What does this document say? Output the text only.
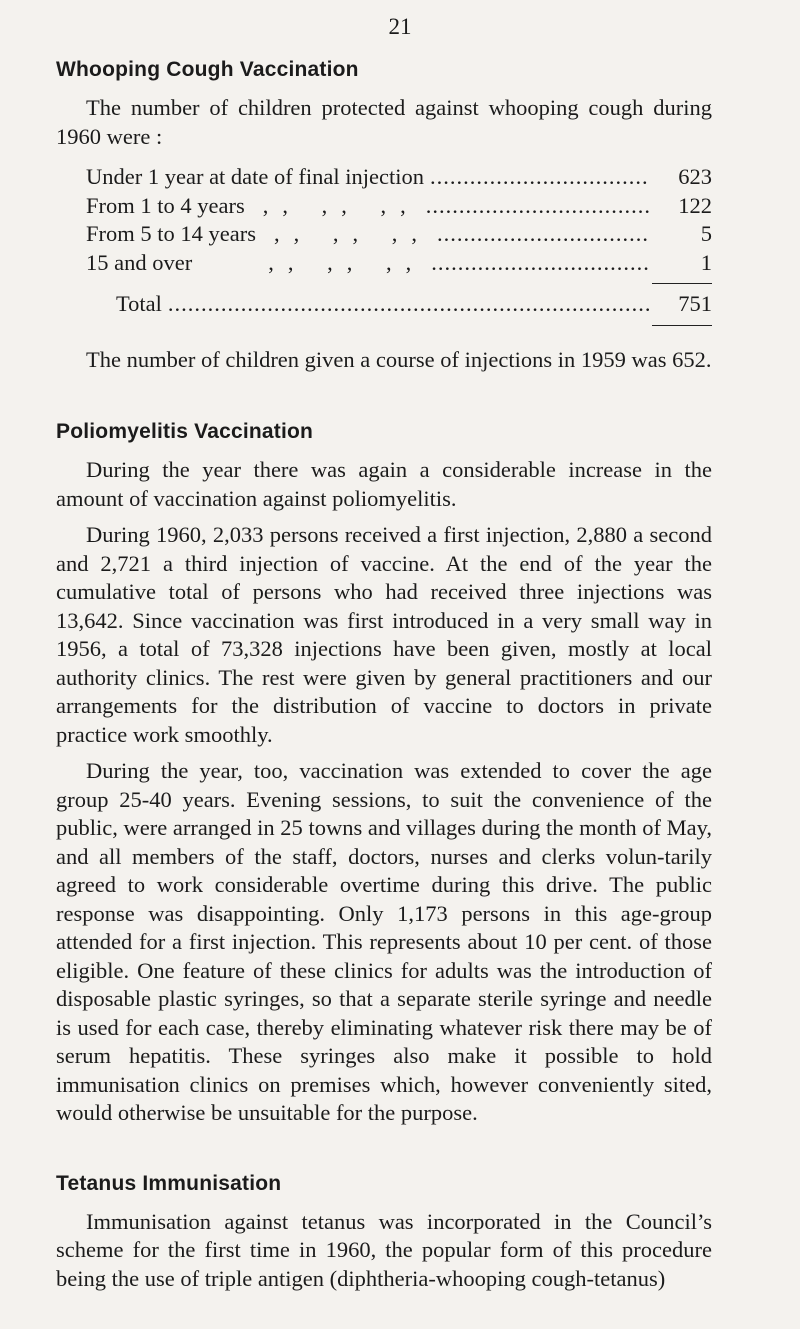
21
Whooping Cough Vaccination

The number of children protected against whooping cough during 1960 were :

Under 1 year at date of final injection .....	623
From 1 to 4 years ,, ,, ,, .....	122
From 5 to 14 years ,, ,, ,, .....	5
15 and over	,, ,, ,, .....	1
Total .....	751

The number of children given a course of injections in 1959 was 652.

Poliomyelitis Vaccination

During the year there was again a considerable increase in the amount of vaccination against poliomyelitis.

During 1960, 2,033 persons received a first injection, 2,880 a second and 2,721 a third injection of vaccine. At the end of the year the cumulative total of persons who had received three injections was 13,642. Since vaccination was first introduced in a very small way in 1956, a total of 73,328 injections have been given, mostly at local authority clinics. The rest were given by general practitioners and our arrangements for the distribution of vaccine to doctors in private practice work smoothly.

During the year, too, vaccination was extended to cover the age group 25-40 years. Evening sessions, to suit the convenience of the public, were arranged in 25 towns and villages during the month of May, and all members of the staff, doctors, nurses and clerks volun-tarily agreed to work considerable overtime during this drive. The public response was disappointing. Only 1,173 persons in this age-group attended for a first injection. This represents about 10 per cent. of those eligible. One feature of these clinics for adults was the introduction of disposable plastic syringes, so that a separate sterile syringe and needle is used for each case, thereby eliminating whatever risk there may be of serum hepatitis. These syringes also make it possible to hold immunisation clinics on premises which, however conveniently sited, would otherwise be unsuitable for the purpose.

Tetanus Immunisation

Immunisation against tetanus was incorporated in the Council’s scheme for the first time in 1960, the popular form of this procedure being the use of triple antigen (diphtheria-whooping cough-tetanus)
